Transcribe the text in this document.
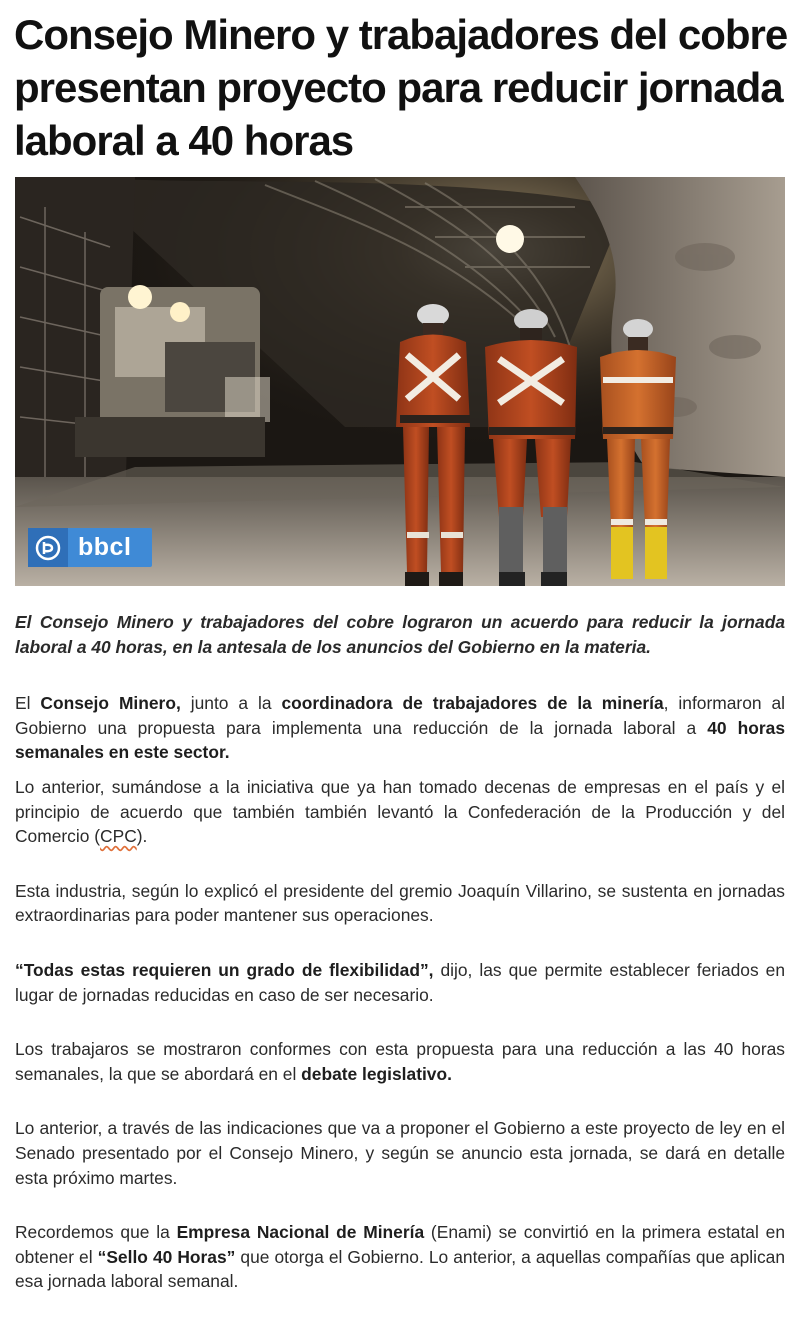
Consejo Minero y trabajadores del cobre presentan proyecto para reducir jornada laboral a 40 horas
bbcl

El Consejo Minero y trabajadores del cobre lograron un acuerdo para reducir la jornada laboral a 40 horas, en la antesala de los anuncios del Gobierno en la materia.

El Consejo Minero, junto a la coordinadora de trabajadores de la minería, informaron al Gobierno una propuesta para implementa una reducción de la jornada laboral a 40 horas semanales en este sector.

Lo anterior, sumándose a la iniciativa que ya han tomado decenas de empresas en el país y el principio de acuerdo que también también levantó la Confederación de la Producción y del Comercio (CPC).

Esta industria, según lo explicó el presidente del gremio Joaquín Villarino, se sustenta en jornadas extraordinarias para poder mantener sus operaciones.

“Todas estas requieren un grado de flexibilidad”, dijo, las que permite establecer feriados en lugar de jornadas reducidas en caso de ser necesario.

Los trabajaros se mostraron conformes con esta propuesta para una reducción a las 40 horas semanales, la que se abordará en el debate legislativo.

Lo anterior, a través de las indicaciones que va a proponer el Gobierno a este proyecto de ley en el Senado presentado por el Consejo Minero, y según se anuncio esta jornada, se dará en detalle esta próximo martes.

Recordemos que la Empresa Nacional de Minería (Enami) se convirtió en la primera estatal en obtener el “Sello 40 Horas” que otorga el Gobierno. Lo anterior, a aquellas compañías que aplican esa jornada laboral semanal.
